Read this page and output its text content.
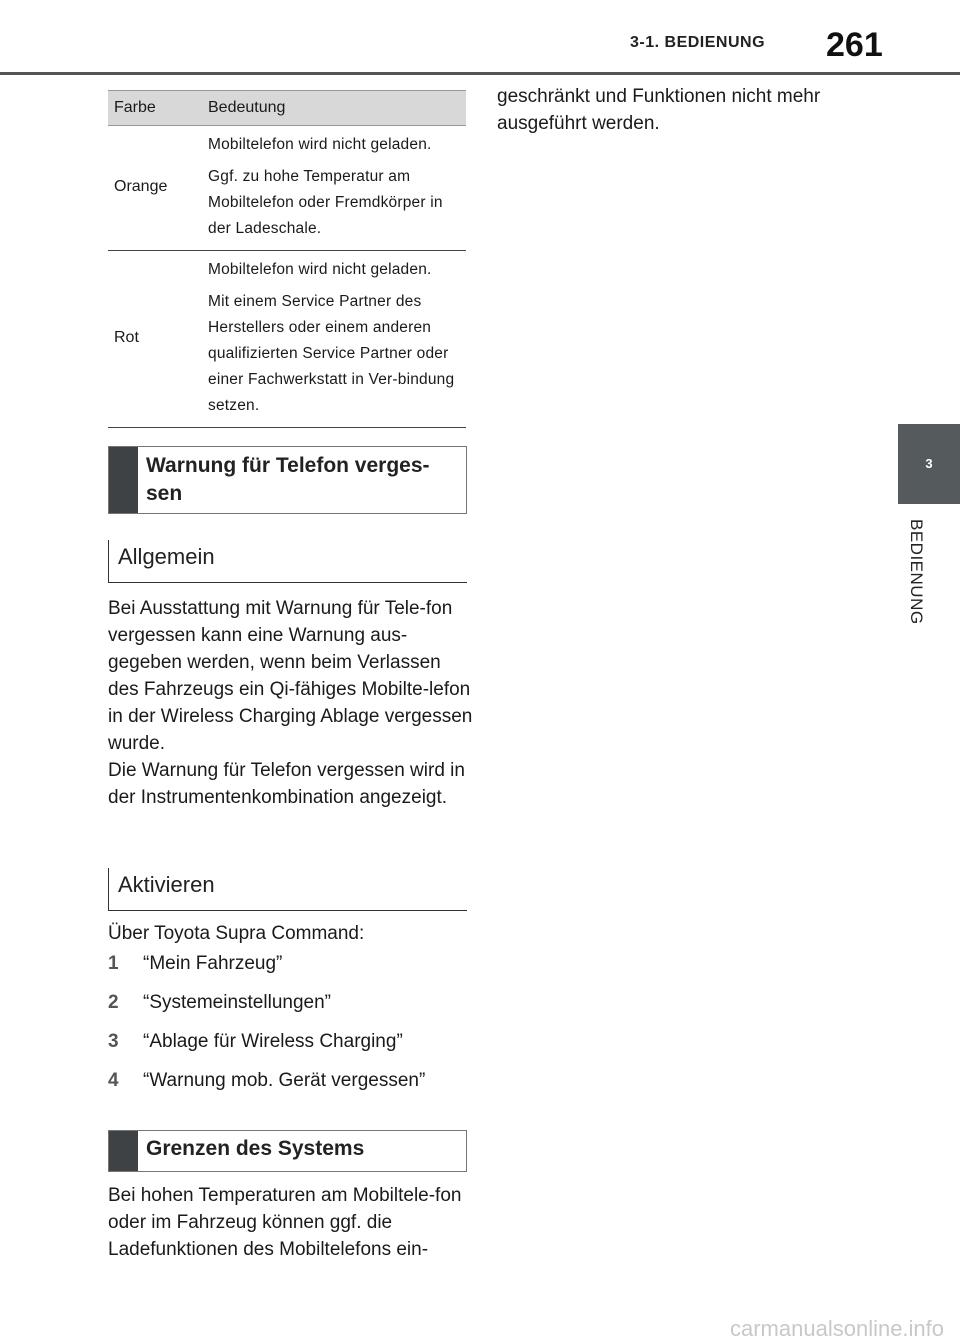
3-1. BEDIENUNG 261
3
BEDIENUNG
Farbe	Bedeutung
Orange	Mobiltelefon wird nicht geladen.

Ggf. zu hohe Temperatur am Mobiltelefon oder Fremdkörper in der Ladeschale.

Rot	Mobiltelefon wird nicht geladen.

Mit einem Service Partner des Herstellers oder einem anderen qualifizierten Service Partner oder einer Fachwerkstatt in Ver-bindung setzen.

Warnung für Telefon verges-sen
Allgemein

Bei Ausstattung mit Warnung für Tele-fon vergessen kann eine Warnung aus-gegeben werden, wenn beim Verlassen des Fahrzeugs ein Qi-fähiges Mobilte-lefon in der Wireless Charging Ablage vergessen wurde.

Die Warnung für Telefon vergessen wird in der Instrumentenkombination angezeigt.

Aktivieren

Über Toyota Supra Command:

1 “Mein Fahrzeug”
2 “Systemeinstellungen”
3 “Ablage für Wireless Charging”
4 “Warnung mob. Gerät vergessen”
Grenzen des Systems

Bei hohen Temperaturen am Mobiltele-fon oder im Fahrzeug können ggf. die Ladefunktionen des Mobiltelefons ein-

geschränkt und Funktionen nicht mehr ausgeführt werden.

carmanualsonline.info
